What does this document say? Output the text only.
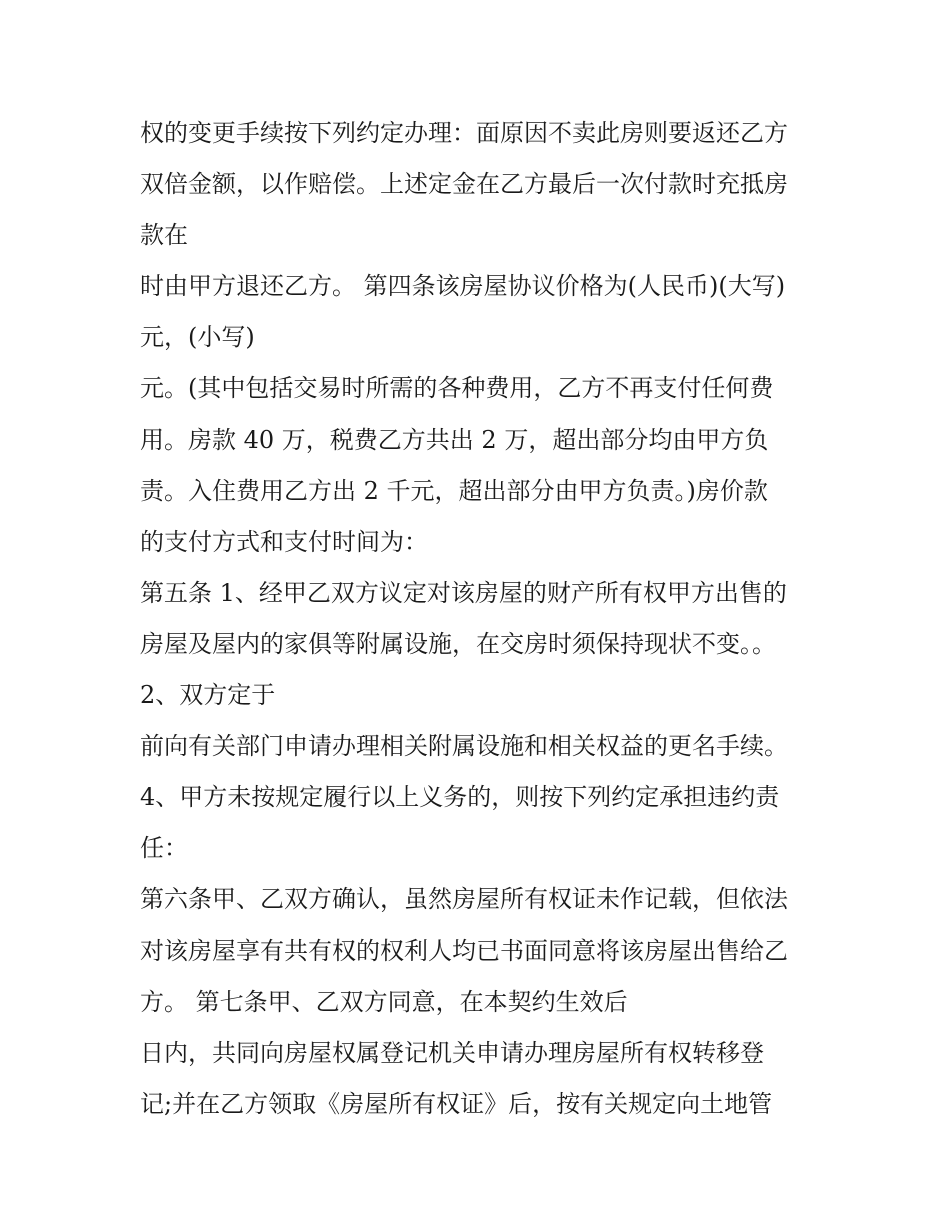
权的变更手续按下列约定办理：面原因不卖此房则要返还乙方
双倍金额，以作赔偿。上述定金在乙方最后一次付款时充抵房
款在
时由甲方退还乙方。 第四条该房屋协议价格为(人民币)(大写)
元，(小写)
元。(其中包括交易时所需的各种费用，乙方不再支付任何费
用。房款 40 万，税费乙方共出 2 万，超出部分均由甲方负
责。入住费用乙方出 2 千元，超出部分由甲方负责。)房价款
的支付方式和支付时间为：
第五条 1、经甲乙双方议定对该房屋的财产所有权甲方出售的
房屋及屋内的家俱等附属设施，在交房时须保持现状不变。。
2、双方定于
前向有关部门申请办理相关附属设施和相关权益的更名手续。
4、甲方未按规定履行以上义务的，则按下列约定承担违约责
任：
第六条甲、乙双方确认，虽然房屋所有权证未作记载，但依法
对该房屋享有共有权的权利人均已书面同意将该房屋出售给乙
方。 第七条甲、乙双方同意，在本契约生效后
日内，共同向房屋权属登记机关申请办理房屋所有权转移登
记;并在乙方领取《房屋所有权证》后，按有关规定向土地管
